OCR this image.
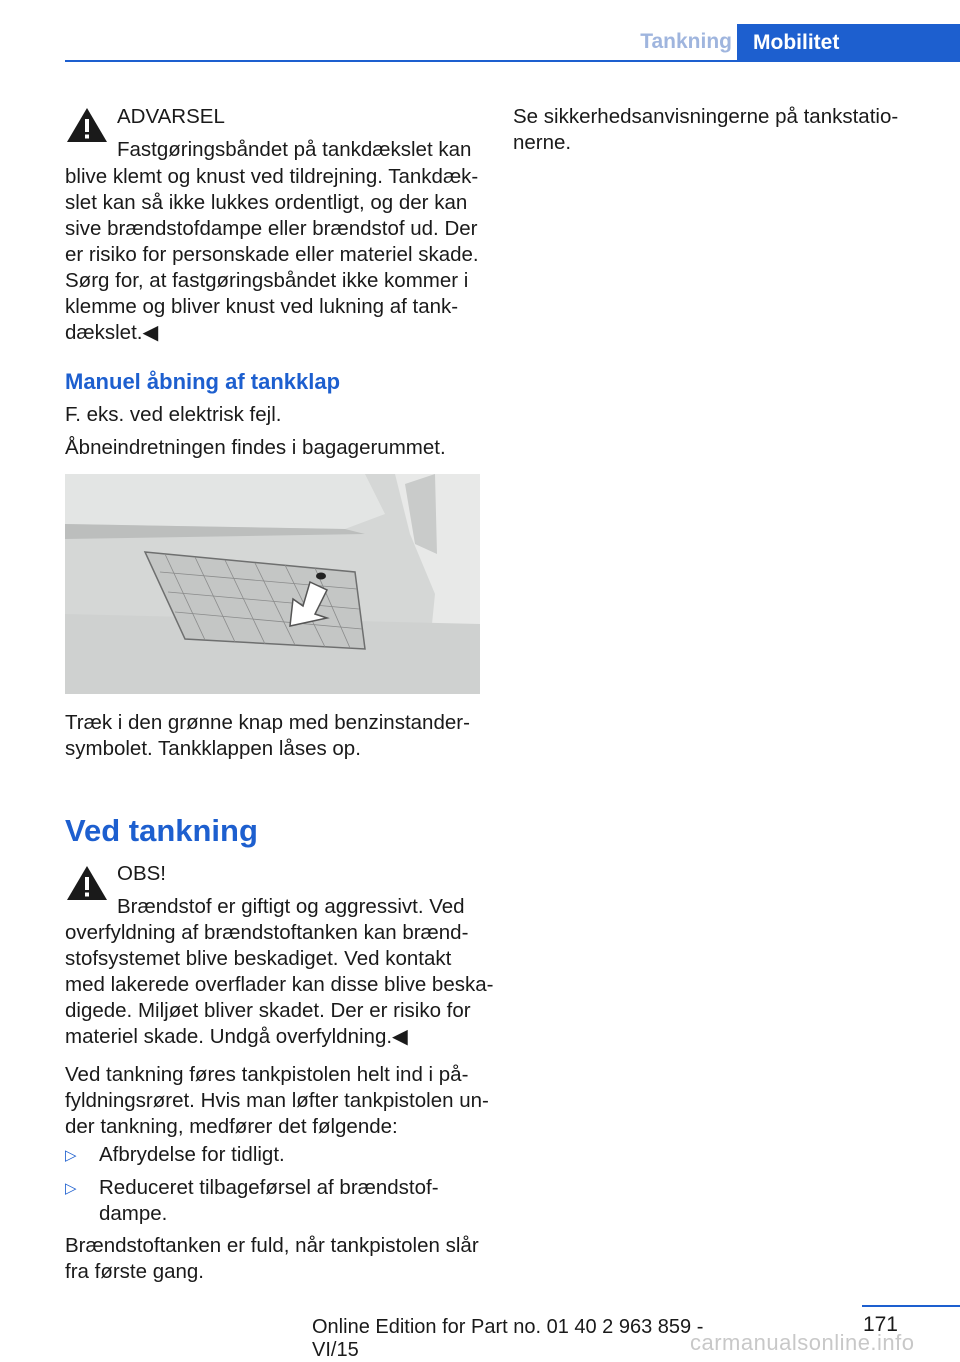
Tankning	Mobilitet
ADVARSEL
Fastgøringsbåndet på tankdækslet kan
blive klemt og knust ved tildrejning. Tankdæk-
slet kan så ikke lukkes ordentligt, og der kan
sive brændstofdampe eller brændstof ud. Der
er risiko for personskade eller materiel skade.
Sørg for, at fastgøringsbåndet ikke kommer i
klemme og bliver knust ved lukning af tank-
dækslet.◀
Manuel åbning af tankklap
F. eks. ved elektrisk fejl.
Åbneindretningen findes i bagagerummet.
Træk i den grønne knap med benzinstander-
symbolet. Tankklappen låses op.
Ved tankning
OBS!
Brændstof er giftigt og aggressivt. Ved
overfyldning af brændstoftanken kan brænd-
stofsystemet blive beskadiget. Ved kontakt
med lakerede overflader kan disse blive beska-
digede. Miljøet bliver skadet. Der er risiko for
materiel skade. Undgå overfyldning.◀
Ved tankning føres tankpistolen helt ind i på-
fyldningsrøret. Hvis man løfter tankpistolen un-
der tankning, medfører det følgende:
▷ Afbrydelse for tidligt.
▷ Reduceret tilbageførsel af brændstof-
dampe.
Brændstoftanken er fuld, når tankpistolen slår
fra første gang.
Se sikkerhedsanvisningerne på tankstatio-
nerne.
171
Online Edition for Part no. 01 40 2 963 859 - VI/15	carmanualsonline.info
